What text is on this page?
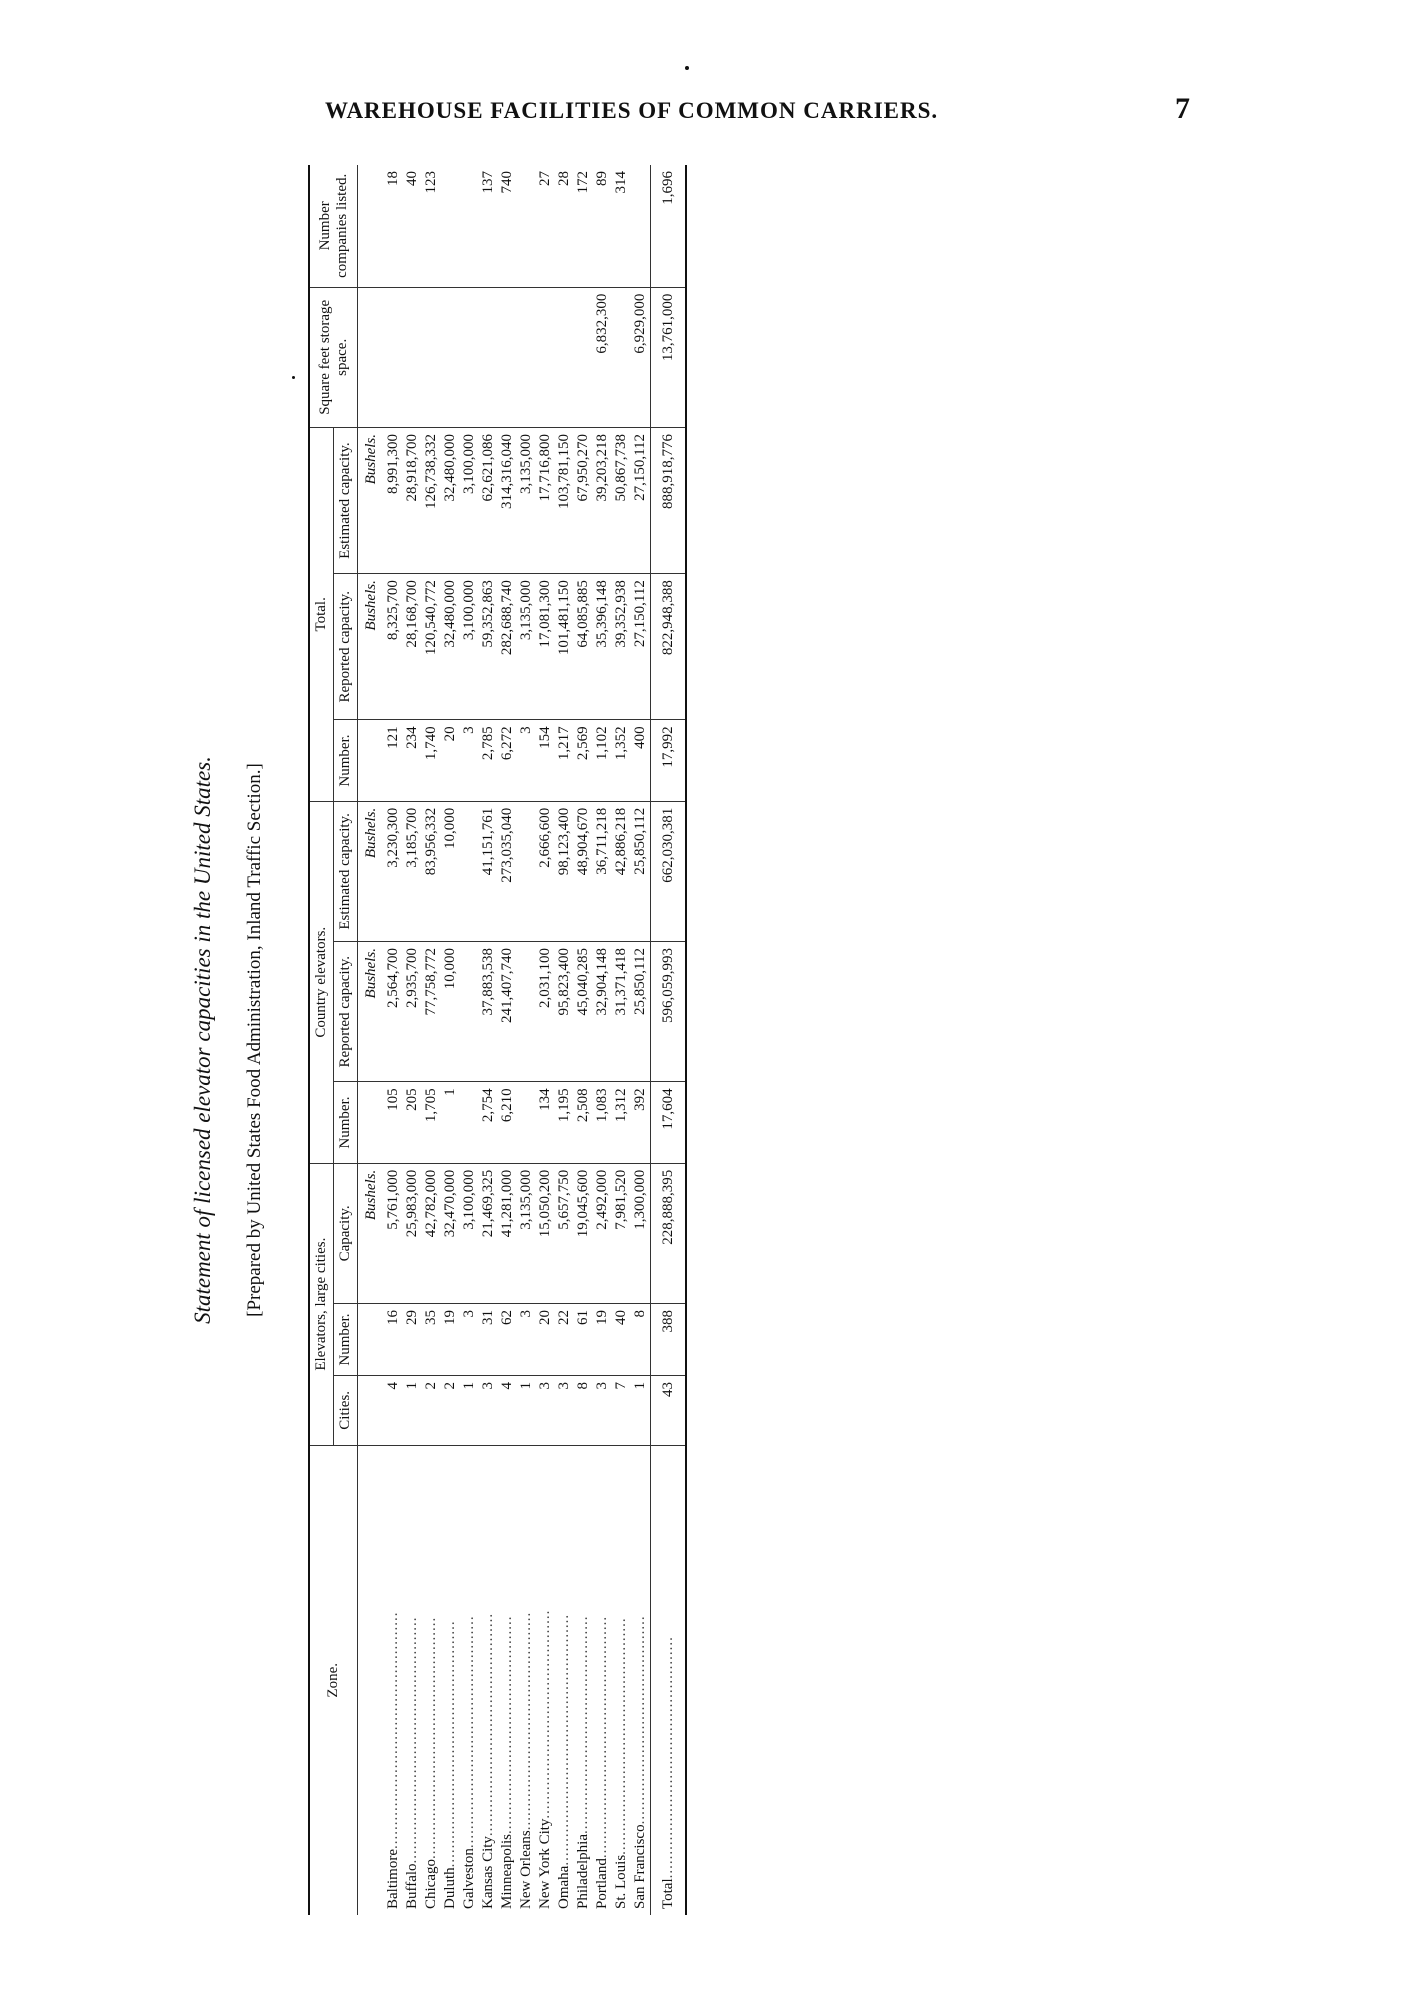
WAREHOUSE FACILITIES OF COMMON CARRIERS.	7
Statement of licensed elevator capacities in the United States. [Prepared by United States Food Administration, Inland Traffic Section.]
Zone.	Elevators, large cities.			Country elevators.			Total.			Square feet storage space.	Number companies listed.
	Cities.	Number.	Capacity.	Number.	Reported capacity.	Estimated capacity.	Number.	Reported capacity.	Estimated capacity.		
			Bushels.		Bushels.	Bushels.		Bushels.	Bushels.		
Baltimore..................................................	4	16	5,761,000	105	2,564,700	3,230,300	121	8,325,700	8,991,300		18
Buffalo....................................................	1	29	25,983,000	205	2,935,700	3,185,700	234	28,168,700	28,918,700		40
Chicago...................................................	2	35	42,782,000	1,705	77,758,772	83,956,332	1,740	120,540,772	126,738,332		123
Duluth....................................................	2	19	32,470,000	1	10,000	10,000	20	32,480,000	32,480,000		
Galveston.................................................	1	3	3,100,000				3	3,100,000	3,100,000		
Kansas City...............................................	3	31	21,469,325	2,754	37,883,538	41,151,761	2,785	59,352,863	62,621,086		137
Minneapolis..............................................	4	62	41,281,000	6,210	241,407,740	273,035,040	6,272	282,688,740	314,316,040		740
New Orleans..............................................	1	3	3,135,000				3	3,135,000	3,135,000		
New York City............................................	3	20	15,050,200	134	2,031,100	2,666,600	154	17,081,300	17,716,800		27
Omaha.....................................................	3	22	5,657,750	1,195	95,823,400	98,123,400	1,217	101,481,150	103,781,150		28
Philadelphia..............................................	8	61	19,045,600	2,508	45,040,285	48,904,670	2,569	64,085,885	67,950,270		172
Portland...................................................	3	19	2,492,000	1,083	32,904,148	36,711,218	1,102	35,396,148	39,203,218	6,832,300	89
St. Louis..................................................	7	40	7,981,520	1,312	31,371,418	42,886,218	1,352	39,352,938	50,867,738		314
San Francisco............................................	1	8	1,300,000	392	25,850,112	25,850,112	400	27,150,112	27,150,112	6,929,000	
Total...................................................	43	388	228,888,395	17,604	596,059,993	662,030,381	17,992	822,948,388	888,918,776	13,761,000	1,696
